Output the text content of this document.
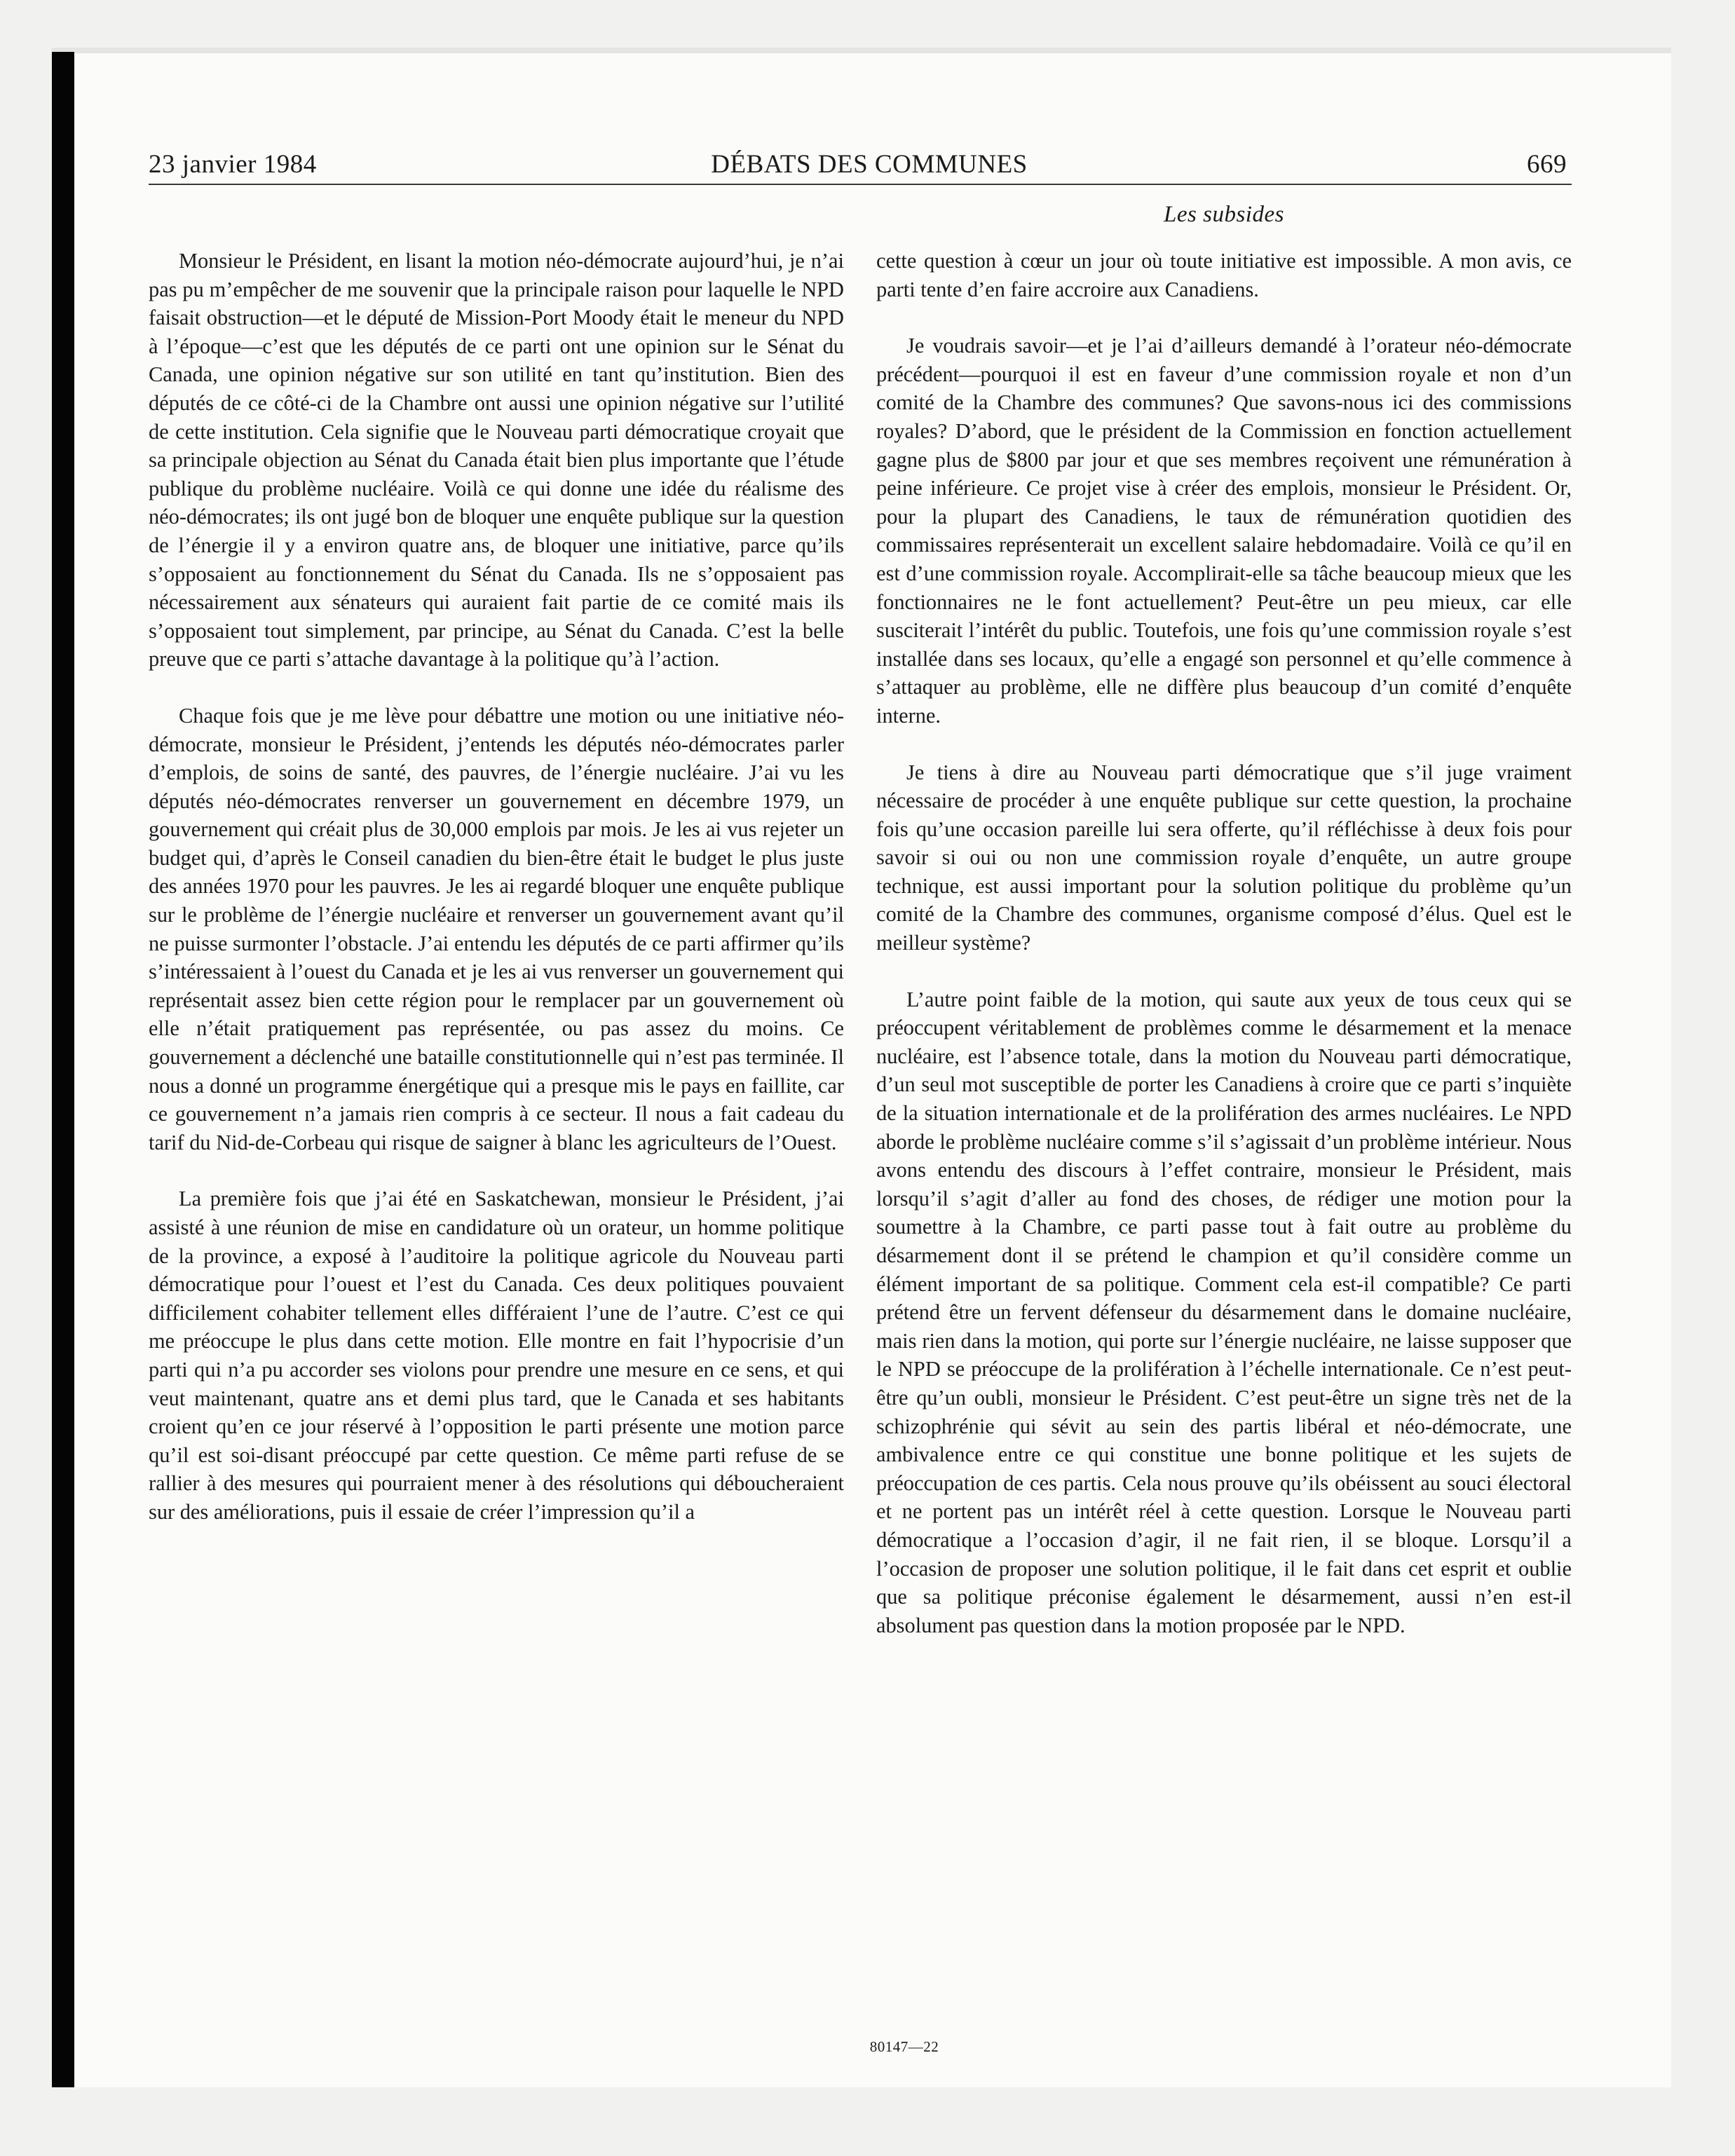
23 janvier 1984	DÉBATS DES COMMUNES	669
Les subsides

Monsieur le Président, en lisant la motion néo-démocrate aujourd’hui, je n’ai pas pu m’empêcher de me souvenir que la principale raison pour laquelle le NPD faisait obstruction—et le député de Mission-Port Moody était le meneur du NPD à l’époque—c’est que les députés de ce parti ont une opinion sur le Sénat du Canada, une opinion négative sur son utilité en tant qu’institution. Bien des députés de ce côté-ci de la Chambre ont aussi une opinion négative sur l’utilité de cette institution. Cela signifie que le Nouveau parti démocratique croyait que sa principale objection au Sénat du Canada était bien plus importante que l’étude publique du problème nucléaire. Voilà ce qui donne une idée du réalisme des néo-démocrates; ils ont jugé bon de bloquer une enquête publique sur la question de l’énergie il y a environ quatre ans, de bloquer une initiative, parce qu’ils s’opposaient au fonctionnement du Sénat du Canada. Ils ne s’opposaient pas nécessairement aux sénateurs qui auraient fait partie de ce comité mais ils s’opposaient tout simplement, par principe, au Sénat du Canada. C’est la belle preuve que ce parti s’attache davantage à la politique qu’à l’action.

Chaque fois que je me lève pour débattre une motion ou une initiative néo-démocrate, monsieur le Président, j’entends les députés néo-démocrates parler d’emplois, de soins de santé, des pauvres, de l’énergie nucléaire. J’ai vu les députés néo-démocrates renverser un gouvernement en décembre 1979, un gouvernement qui créait plus de 30,000 emplois par mois. Je les ai vus rejeter un budget qui, d’après le Conseil canadien du bien-être était le budget le plus juste des années 1970 pour les pauvres. Je les ai regardé bloquer une enquête publique sur le problème de l’énergie nucléaire et renverser un gouvernement avant qu’il ne puisse surmonter l’obstacle. J’ai entendu les députés de ce parti affirmer qu’ils s’intéressaient à l’ouest du Canada et je les ai vus renverser un gouvernement qui représentait assez bien cette région pour le remplacer par un gouvernement où elle n’était pratiquement pas représentée, ou pas assez du moins. Ce gouvernement a déclenché une bataille constitutionnelle qui n’est pas terminée. Il nous a donné un programme énergétique qui a presque mis le pays en faillite, car ce gouvernement n’a jamais rien compris à ce secteur. Il nous a fait cadeau du tarif du Nid-de-Corbeau qui risque de saigner à blanc les agriculteurs de l’Ouest.

La première fois que j’ai été en Saskatchewan, monsieur le Président, j’ai assisté à une réunion de mise en candidature où un orateur, un homme politique de la province, a exposé à l’auditoire la politique agricole du Nouveau parti démocratique pour l’ouest et l’est du Canada. Ces deux politiques pouvaient difficilement cohabiter tellement elles différaient l’une de l’autre. C’est ce qui me préoccupe le plus dans cette motion. Elle montre en fait l’hypocrisie d’un parti qui n’a pu accorder ses violons pour prendre une mesure en ce sens, et qui veut maintenant, quatre ans et demi plus tard, que le Canada et ses habitants croient qu’en ce jour réservé à l’opposition le parti présente une motion parce qu’il est soi-disant préoccupé par cette question. Ce même parti refuse de se rallier à des mesures qui pourraient mener à des résolutions qui déboucheraient sur des améliorations, puis il essaie de créer l’impression qu’il a

cette question à cœur un jour où toute initiative est impossible. A mon avis, ce parti tente d’en faire accroire aux Canadiens.

Je voudrais savoir—et je l’ai d’ailleurs demandé à l’orateur néo-démocrate précédent—pourquoi il est en faveur d’une commission royale et non d’un comité de la Chambre des communes? Que savons-nous ici des commissions royales? D’abord, que le président de la Commission en fonction actuellement gagne plus de $800 par jour et que ses membres reçoivent une rémunération à peine inférieure. Ce projet vise à créer des emplois, monsieur le Président. Or, pour la plupart des Canadiens, le taux de rémunération quotidien des commissaires représenterait un excellent salaire hebdomadaire. Voilà ce qu’il en est d’une commission royale. Accomplirait-elle sa tâche beaucoup mieux que les fonctionnaires ne le font actuellement? Peut-être un peu mieux, car elle susciterait l’intérêt du public. Toutefois, une fois qu’une commission royale s’est installée dans ses locaux, qu’elle a engagé son personnel et qu’elle commence à s’attaquer au problème, elle ne diffère plus beaucoup d’un comité d’enquête interne.

Je tiens à dire au Nouveau parti démocratique que s’il juge vraiment nécessaire de procéder à une enquête publique sur cette question, la prochaine fois qu’une occasion pareille lui sera offerte, qu’il réfléchisse à deux fois pour savoir si oui ou non une commission royale d’enquête, un autre groupe technique, est aussi important pour la solution politique du problème qu’un comité de la Chambre des communes, organisme composé d’élus. Quel est le meilleur système?

L’autre point faible de la motion, qui saute aux yeux de tous ceux qui se préoccupent véritablement de problèmes comme le désarmement et la menace nucléaire, est l’absence totale, dans la motion du Nouveau parti démocratique, d’un seul mot susceptible de porter les Canadiens à croire que ce parti s’inquiète de la situation internationale et de la prolifération des armes nucléaires. Le NPD aborde le problème nucléaire comme s’il s’agissait d’un problème intérieur. Nous avons entendu des discours à l’effet contraire, monsieur le Président, mais lorsqu’il s’agit d’aller au fond des choses, de rédiger une motion pour la soumettre à la Chambre, ce parti passe tout à fait outre au problème du désarmement dont il se prétend le champion et qu’il considère comme un élément important de sa politique. Comment cela est-il compatible? Ce parti prétend être un fervent défenseur du désarmement dans le domaine nucléaire, mais rien dans la motion, qui porte sur l’énergie nucléaire, ne laisse supposer que le NPD se préoccupe de la prolifération à l’échelle internationale. Ce n’est peut-être qu’un oubli, monsieur le Président. C’est peut-être un signe très net de la schizophrénie qui sévit au sein des partis libéral et néo-démocrate, une ambivalence entre ce qui constitue une bonne politique et les sujets de préoccupation de ces partis. Cela nous prouve qu’ils obéissent au souci électoral et ne portent pas un intérêt réel à cette question. Lorsque le Nouveau parti démocratique a l’occasion d’agir, il ne fait rien, il se bloque. Lorsqu’il a l’occasion de proposer une solution politique, il le fait dans cet esprit et oublie que sa politique préconise également le désarmement, aussi n’en est-il absolument pas question dans la motion proposée par le NPD.

80147—22
